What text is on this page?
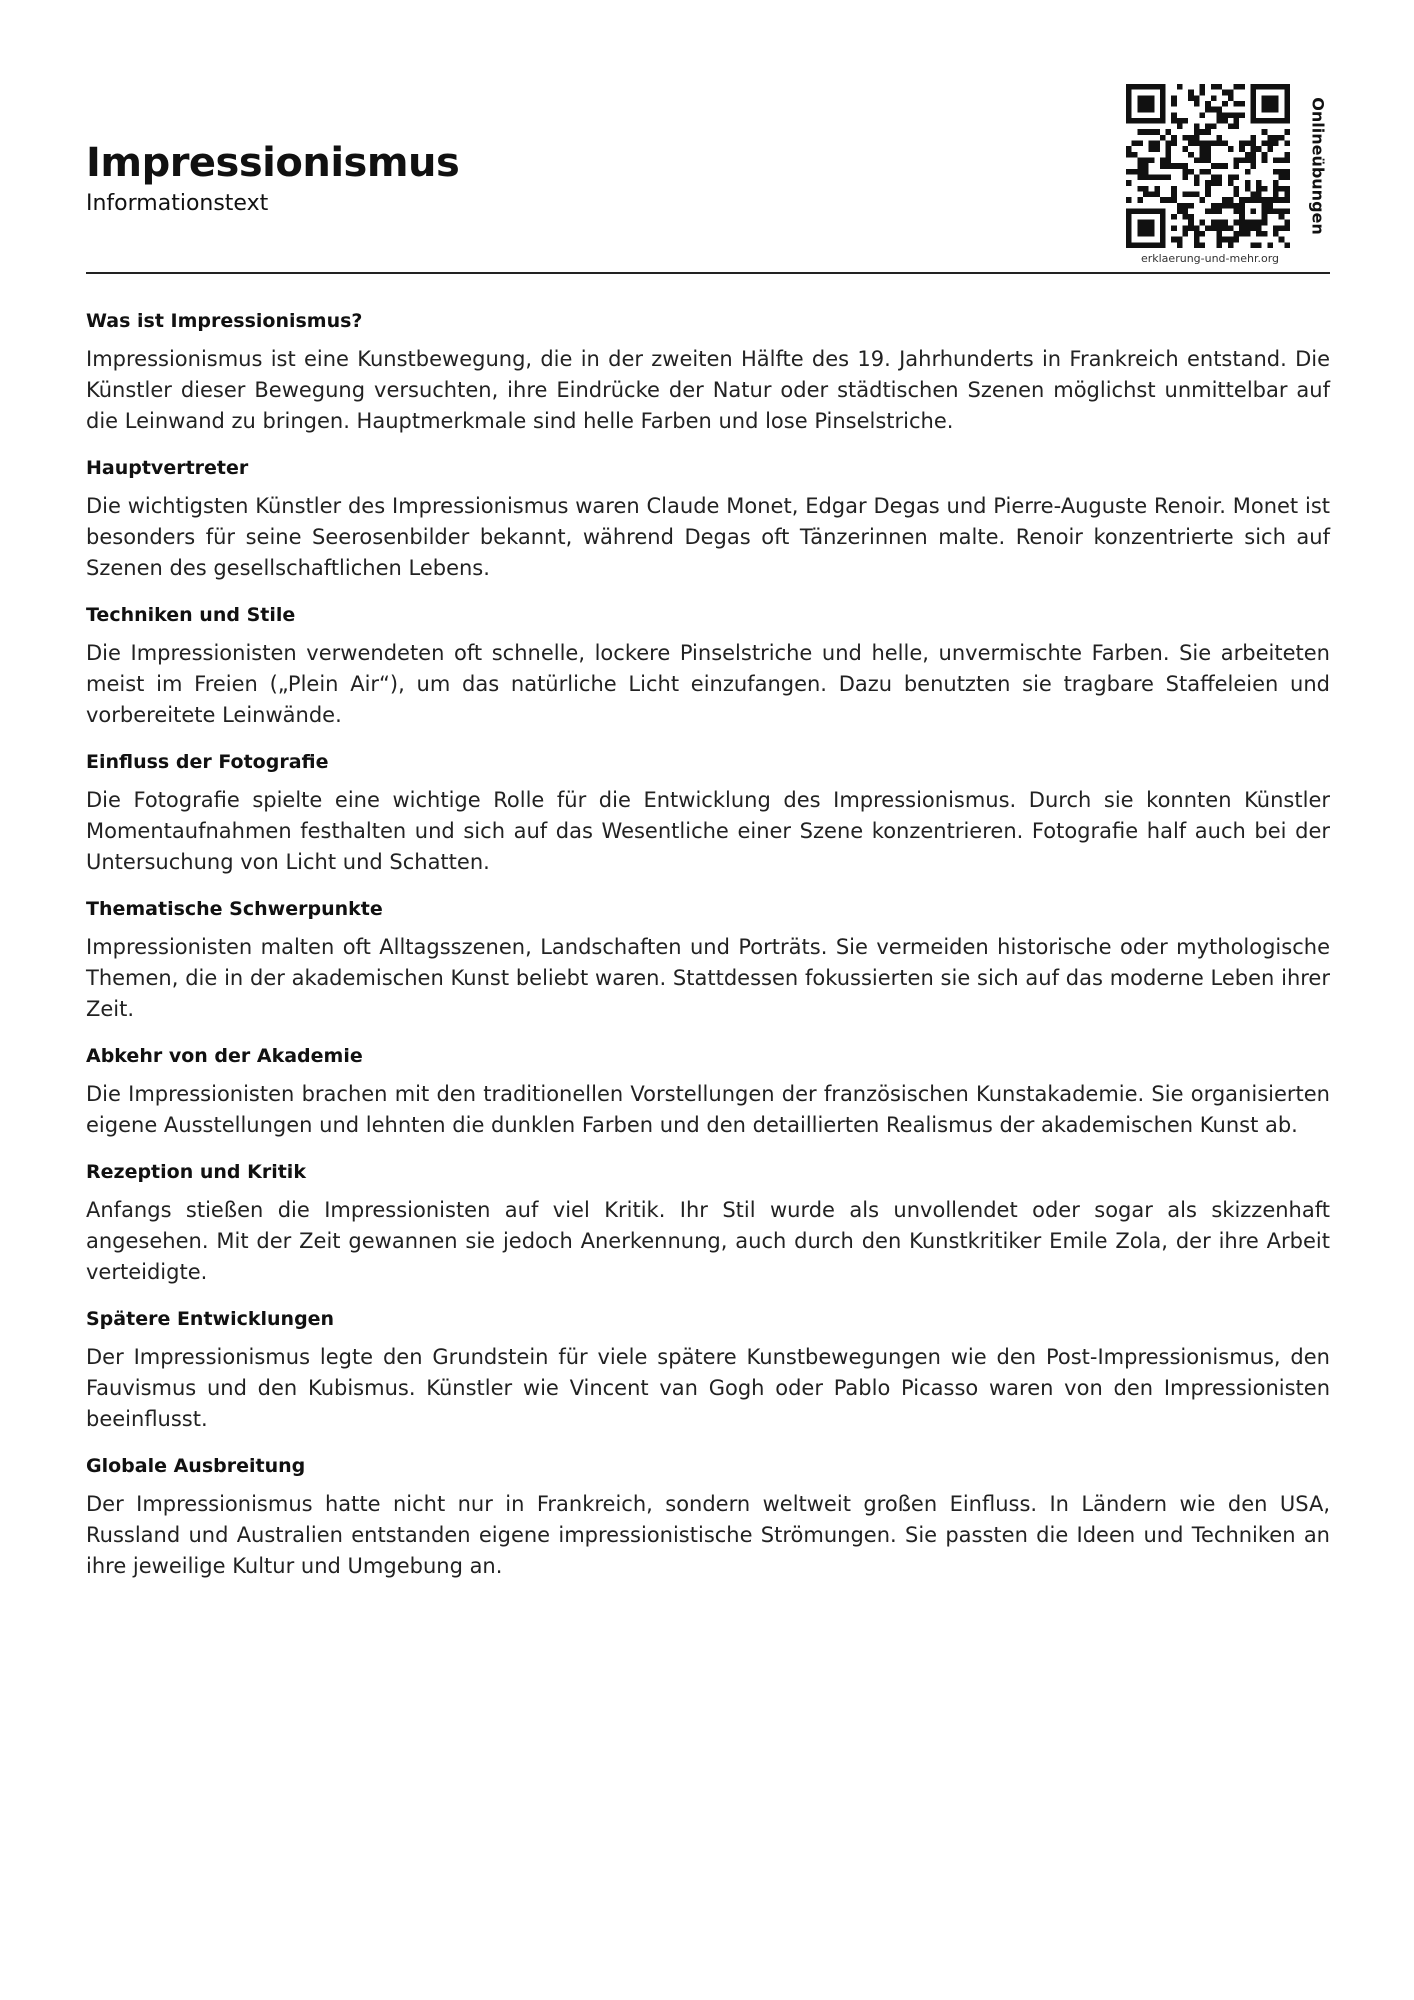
Impressionismus

Informationstext	Onlineübungen
erklaerung-und-mehr.org
Was ist Impressionismus?

Impressionismus ist eine Kunstbewegung, die in der zweiten Hälfte des 19. Jahrhunderts in Frankreich entstand. Die Künstler dieser Bewegung versuchten, ihre Eindrücke der Natur oder städtischen Szenen möglichst unmittelbar auf die Leinwand zu bringen. Hauptmerkmale sind helle Farben und lose Pinselstriche.

Hauptvertreter

Die wichtigsten Künstler des Impressionismus waren Claude Monet, Edgar Degas und Pierre-Auguste Renoir. Monet ist besonders für seine Seerosenbilder bekannt, während Degas oft Tänzerinnen malte. Renoir konzentrierte sich auf Szenen des gesellschaftlichen Lebens.

Techniken und Stile

Die Impressionisten verwendeten oft schnelle, lockere Pinselstriche und helle, unvermischte Farben. Sie arbeiteten meist im Freien („Plein Air“), um das natürliche Licht einzufangen. Dazu benutzten sie tragbare Staffeleien und vorbereitete Leinwände.

Einfluss der Fotografie

Die Fotografie spielte eine wichtige Rolle für die Entwicklung des Impressionismus. Durch sie konnten Künstler Momentaufnahmen festhalten und sich auf das Wesentliche einer Szene konzentrieren. Fotografie half auch bei der Untersuchung von Licht und Schatten.

Thematische Schwerpunkte

Impressionisten malten oft Alltagsszenen, Landschaften und Porträts. Sie vermeiden historische oder mythologische Themen, die in der akademischen Kunst beliebt waren. Stattdessen fokussierten sie sich auf das moderne Leben ihrer Zeit.

Abkehr von der Akademie

Die Impressionisten brachen mit den traditionellen Vorstellungen der französischen Kunstakademie. Sie organisierten eigene Ausstellungen und lehnten die dunklen Farben und den detaillierten Realismus der akademischen Kunst ab.

Rezeption und Kritik

Anfangs stießen die Impressionisten auf viel Kritik. Ihr Stil wurde als unvollendet oder sogar als skizzenhaft angesehen. Mit der Zeit gewannen sie jedoch Anerkennung, auch durch den Kunstkritiker Emile Zola, der ihre Arbeit verteidigte.

Spätere Entwicklungen

Der Impressionismus legte den Grundstein für viele spätere Kunstbewegungen wie den Post-Impressionismus, den Fauvismus und den Kubismus. Künstler wie Vincent van Gogh oder Pablo Picasso waren von den Impressionisten beeinflusst.

Globale Ausbreitung

Der Impressionismus hatte nicht nur in Frankreich, sondern weltweit großen Einfluss. In Ländern wie den USA, Russland und Australien entstanden eigene impressionistische Strömungen. Sie passten die Ideen und Techniken an ihre jeweilige Kultur und Umgebung an.
